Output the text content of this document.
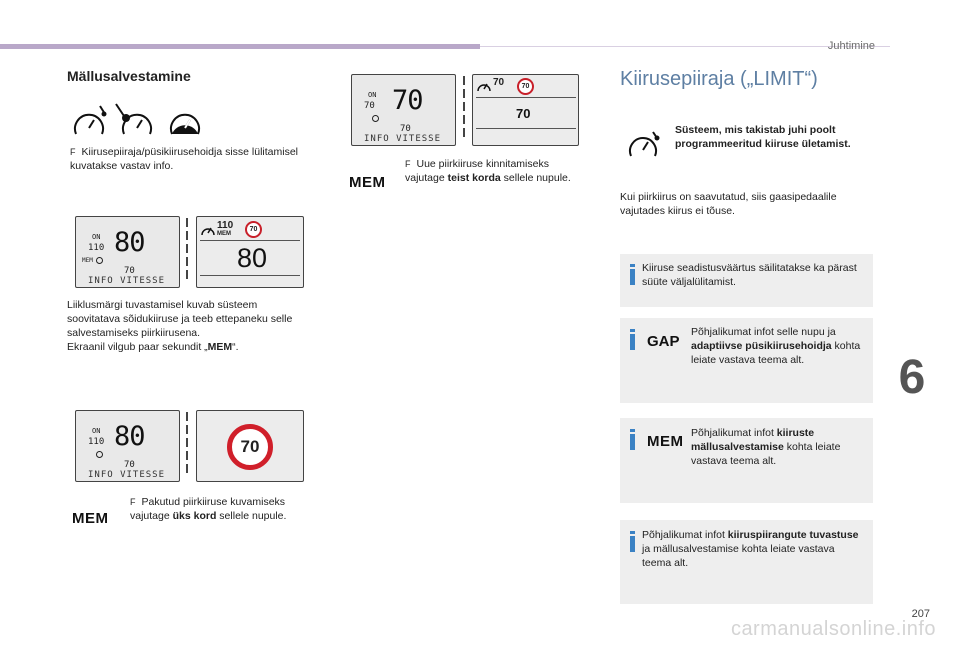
Juhtimine
Mällusalvestamine
F Kiirusepiiraja/püsikiirusehoidja sisse lülitamisel kuvatakse vastav info.
ON
110
MEM
80
70
INFO VITESSE
110
MEM
70
80
Liiklusmärgi tuvastamisel kuvab süsteem soovitatava sõidukiiruse ja teeb ettepaneku selle salvestamiseks piirkiirusena.
Ekraanil vilgub paar sekundit „MEM“.
ON
110 80
70
INFO VITESSE
70
MEM
F Pakutud piirkiiruse kuvamiseks vajutage üks kord sellele nupule.
ON
70 70
70
INFO VITESSE
70 70
70
MEM
F Uue piirkiiruse kinnitamiseks vajutage teist korda sellele nupule.
Kiirusepiiraja („LIMIT“)
Süsteem, mis takistab juhi poolt programmeeritud kiiruse ületamist.
Kui piirkiirus on saavutatud, siis gaasipedaalile vajutades kiirus ei tõuse.
Kiiruse seadistusväärtus säilitatakse ka pärast süüte väljalülitamist.
GAP
Põhjalikumat infot selle nupu ja adaptiivse püsikiirusehoidja kohta leiate vastava teema alt.
MEM Põhjalikumat infot kiiruste mällusalvestamise kohta leiate vastava teema alt.
Põhjalikumat infot kiiruspiirangute tuvastuse ja mällusalvestamise kohta leiate vastava teema alt.
6
207
carmanualsonline.info
